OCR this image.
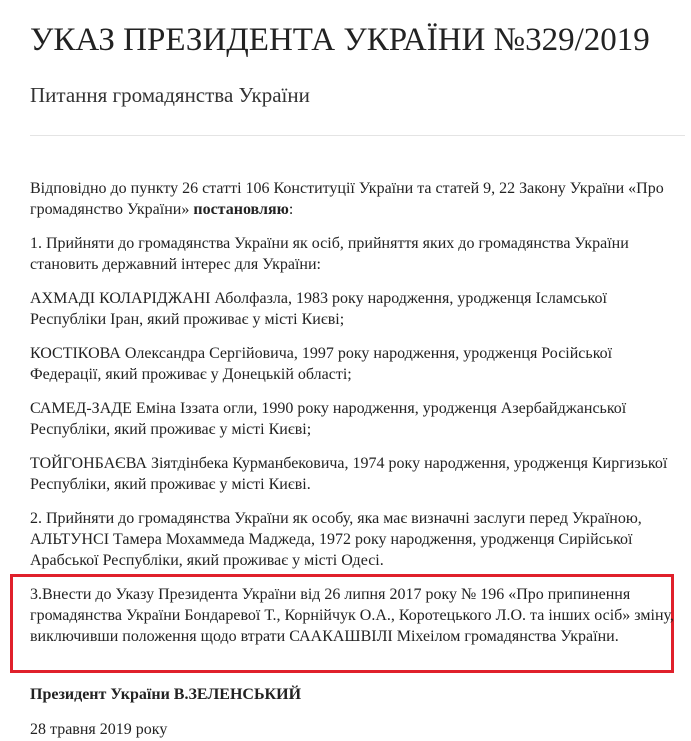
УКАЗ ПРЕЗИДЕНТА УКРАЇНИ №329/2019
Питання громадянства України

Відповідно до пункту 26 статті 106 Конституції України та статей 9, 22 Закону України «Про громадянство України» постановляю:

1. Прийняти до громадянства України як осіб, прийняття яких до громадянства України становить державний інтерес для України:

АХМАДІ КОЛАРІДЖАНІ Аболфазла, 1983 року народження, уродженця Ісламської Республіки Іран, який проживає у місті Києві;

КОСТІКОВА Олександра Сергійовича, 1997 року народження, уродженця Російської Федерації, який проживає у Донецькій області;

САМЕД-ЗАДЕ Еміна Іззата огли, 1990 року народження, уродженця Азербайджанської Республіки, який проживає у місті Києві;

ТОЙГОНБАЄВА Зіятдінбека Курманбековича, 1974 року народження, уродженця Киргизької Республіки, який проживає у місті Києві.

2. Прийняти до громадянства України як особу, яка має визначні заслуги перед Україною, АЛЬТУНСІ Тамера Мохаммеда Маджеда, 1972 року народження, уродженця Сирійської Арабської Республіки, який проживає у місті Одесі.

3.Внести до Указу Президента України від 26 липня 2017 року № 196 «Про припинення громадянства України Бондаревої Т., Корнійчук О.А., Коротецького Л.О. та інших осіб» зміну, виключивши положення щодо втрати СААКАШВІЛІ Міхеілом громадянства України.

Президент України В.ЗЕЛЕНСЬКИЙ
28 травня 2019 року
